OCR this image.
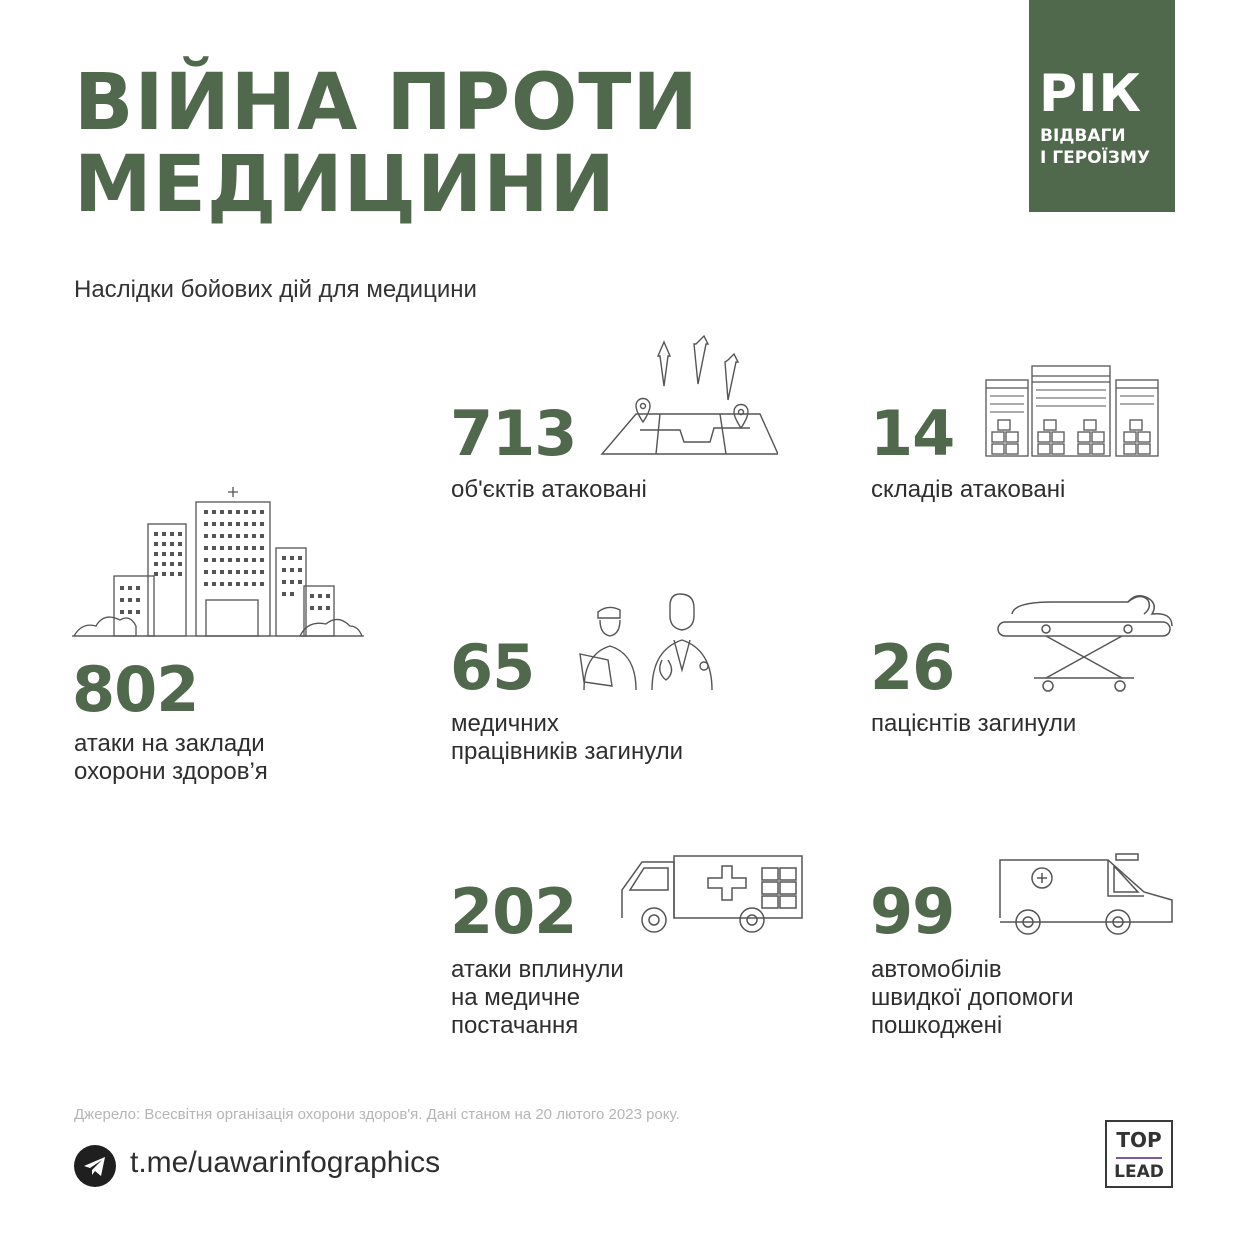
ВІЙНА ПРОТИ
МЕДИЦИНИ
РІК
ВІДВАГИ
І ГЕРОЇЗМУ
Наслідки бойових дій для медицини
802
атаки на заклади
охорони здоров’я
713
об'єктів атаковані
14
складів атаковані
65
медичних
працівників загинули
26
пацієнтів загинули
202
атаки вплинули
на медичне
постачання
99
автомобілів
швидкої допомоги
пошкоджені
Джерело: Всесвітня організація охорони здоров'я. Дані станом на 20 лютого 2023 року.
t.me/uawarinfographics
TOP
LEAD
